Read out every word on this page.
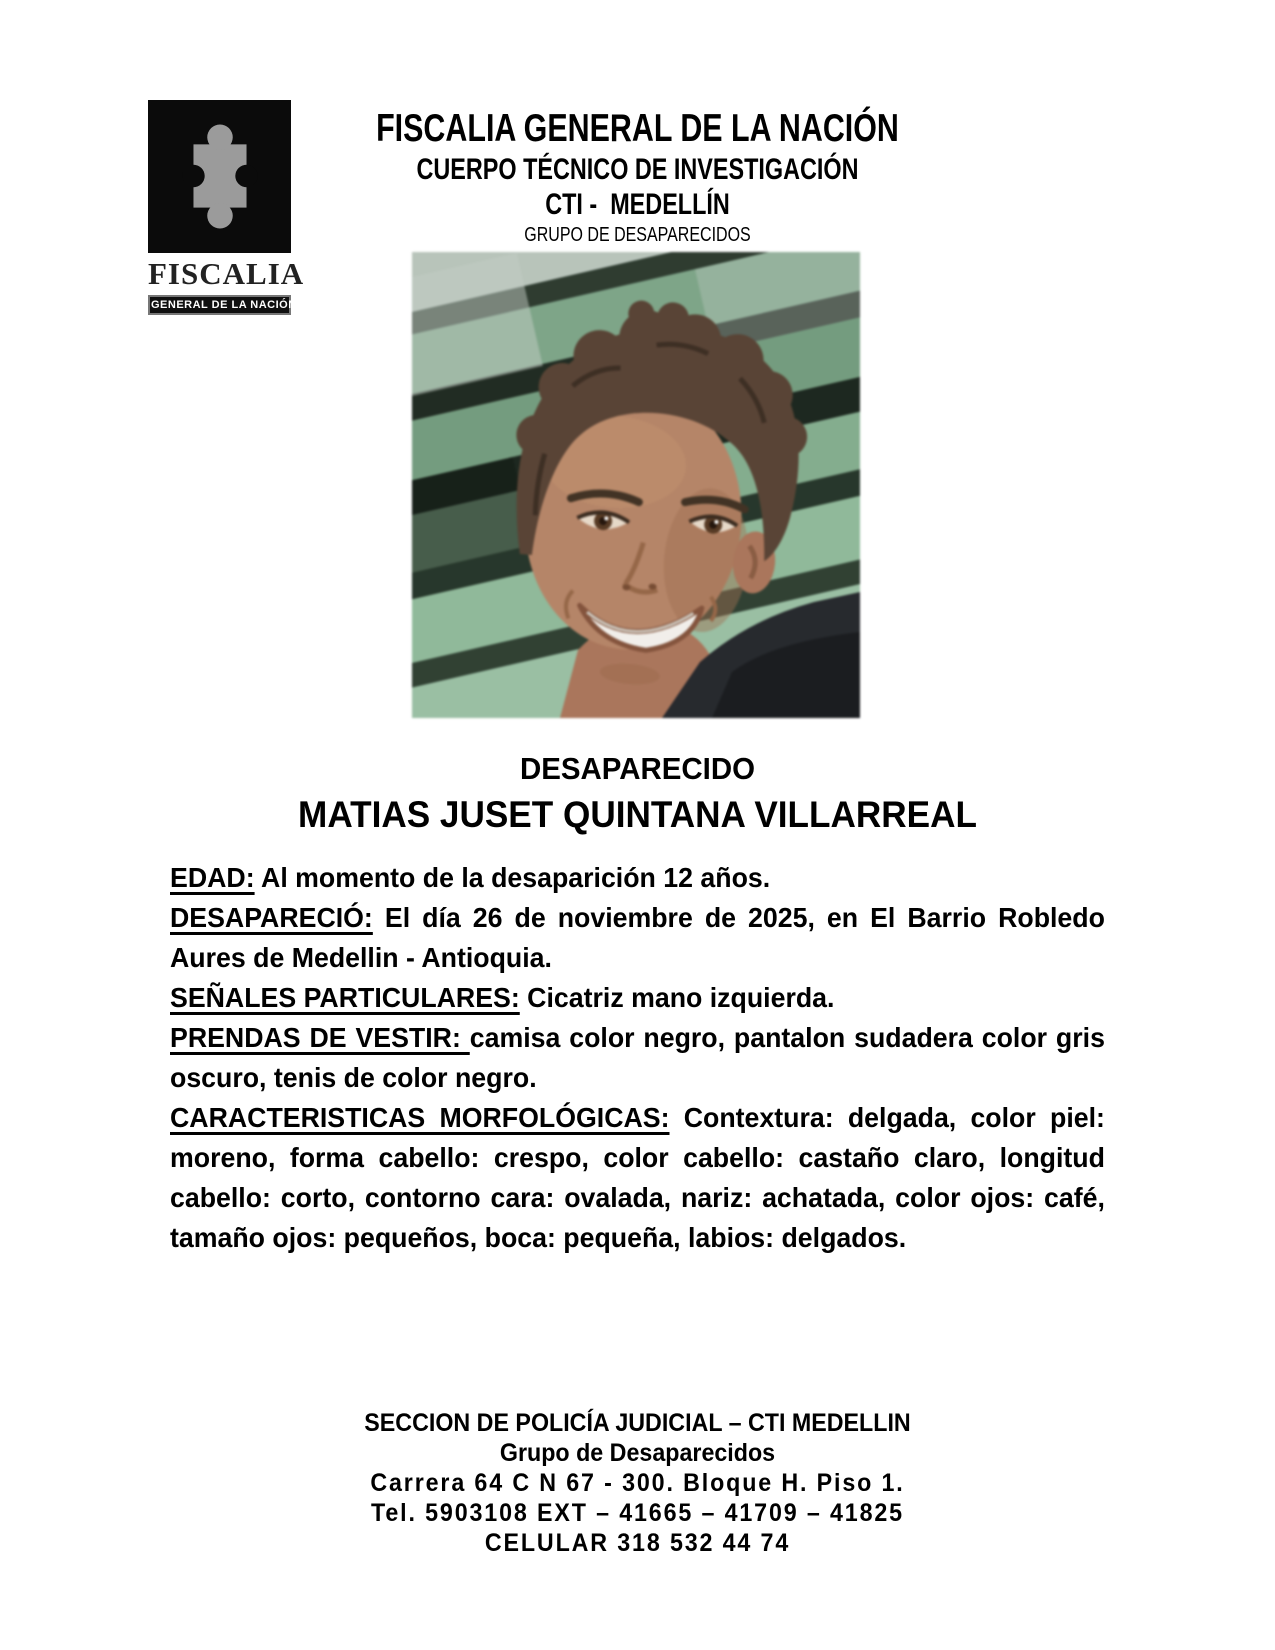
FISCALIA
GENERAL DE LA NACIÓN
FISCALIA GENERAL DE LA NACIÓN
CUERPO TÉCNICO DE INVESTIGACIÓN
CTI -  MEDELLÍN
GRUPO DE DESAPARECIDOS
DESAPARECIDO
MATIAS JUSET QUINTANA VILLARREAL

EDAD: Al momento de la desaparición 12 años.

DESAPARECIÓ: El día 26 de noviembre de 2025, en El Barrio Robledo Aures de Medellin - Antioquia.

SEÑALES PARTICULARES: Cicatriz mano izquierda.

PRENDAS DE VESTIR: camisa color negro, pantalon sudadera color gris oscuro, tenis de color negro.

CARACTERISTICAS MORFOLÓGICAS: Contextura: delgada, color piel: moreno, forma cabello: crespo, color cabello: castaño claro, longitud cabello: corto, contorno cara: ovalada, nariz: achatada, color ojos: café, tamaño ojos: pequeños, boca: pequeña, labios: delgados.

SECCION DE POLICÍA JUDICIAL – CTI MEDELLIN
Grupo de Desaparecidos
Carrera 64 C N 67 - 300. Bloque H. Piso 1.
Tel. 5903108 EXT – 41665 – 41709 – 41825
CELULAR 318 532 44 74
